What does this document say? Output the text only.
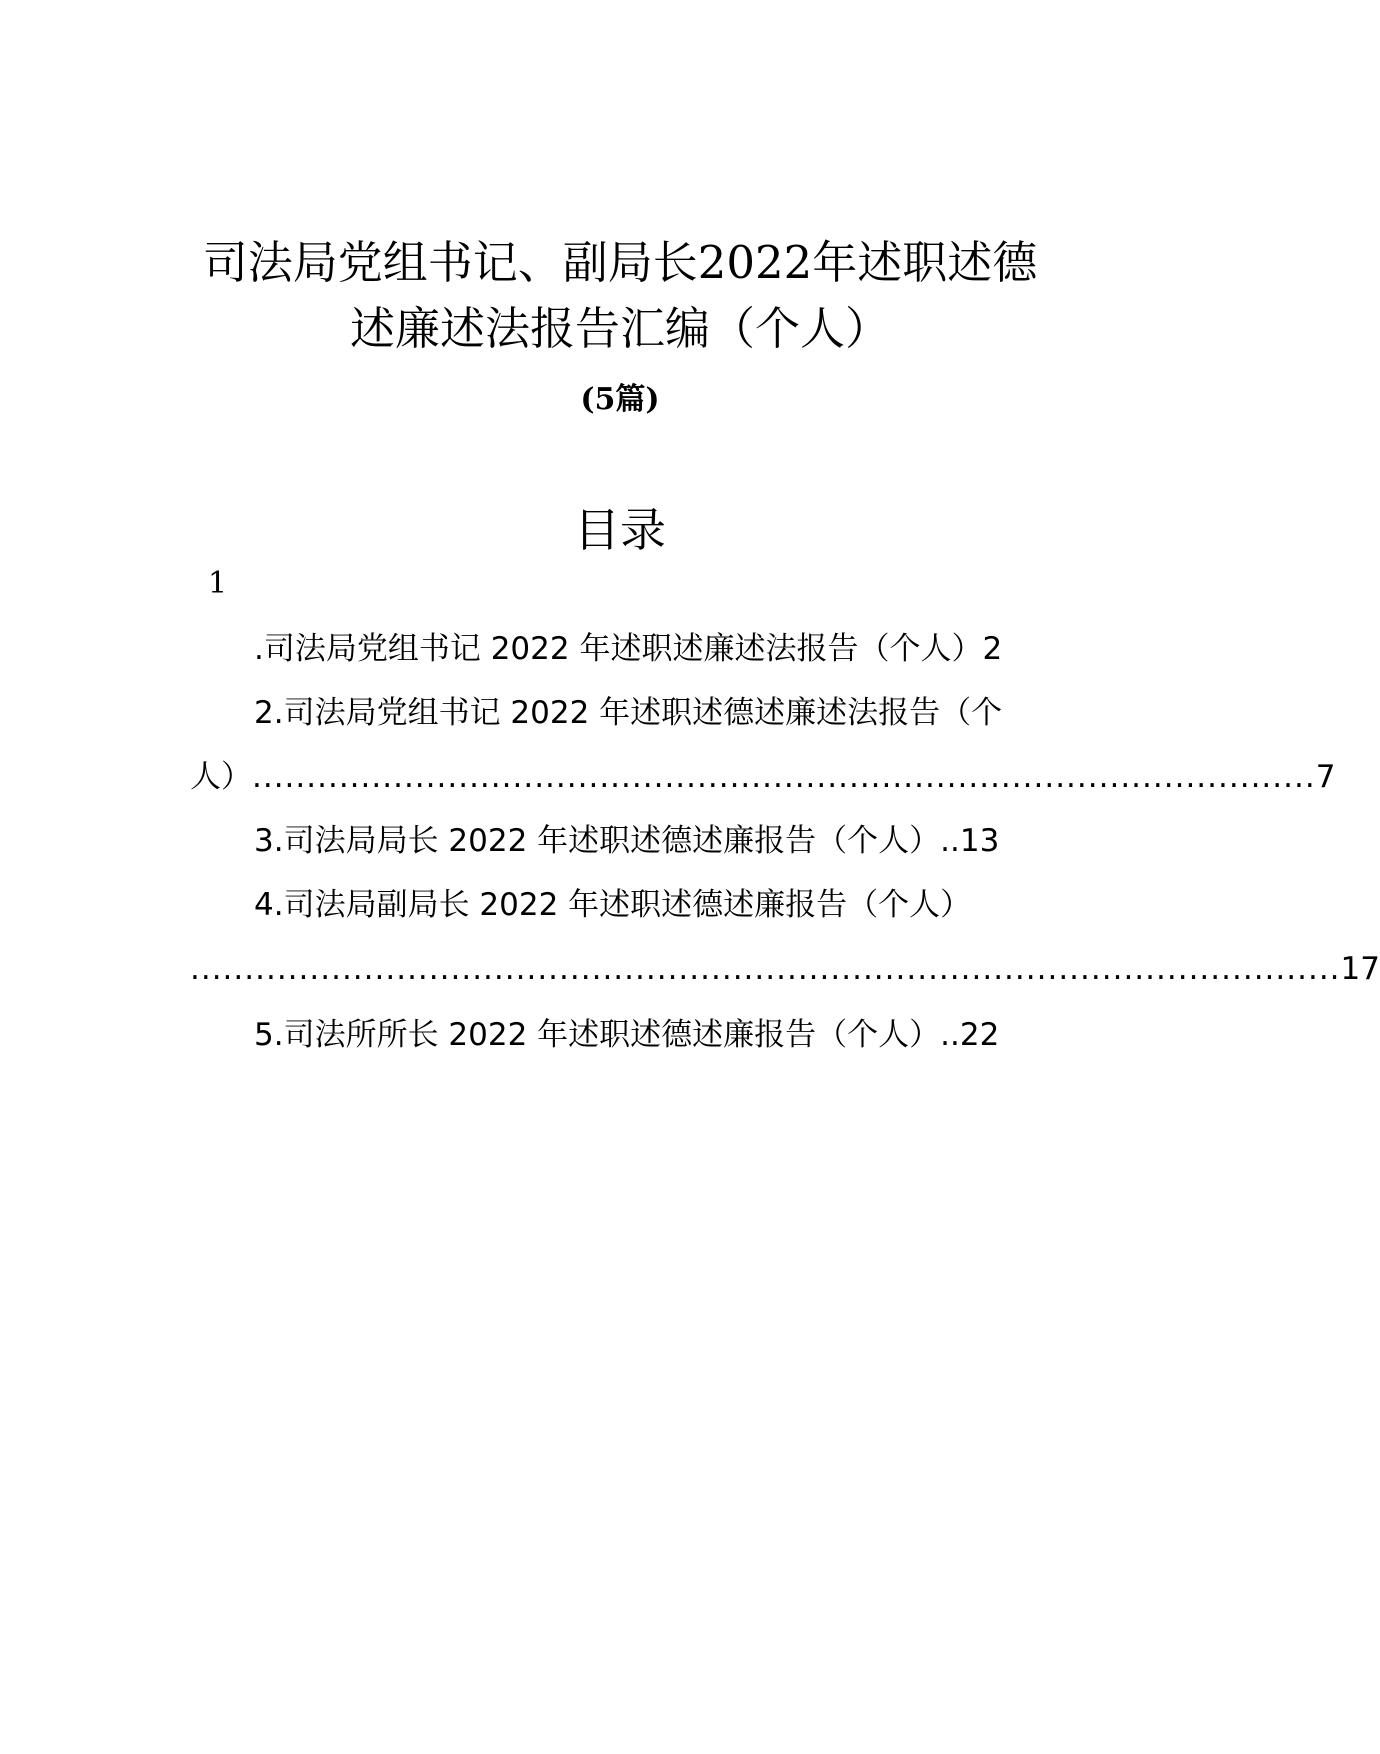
司法局党组书记、副局长2022年述职述德
述廉述法报告汇编（个人）
(5篇)
目录
1
.司法局党组书记 2022 年述职述廉述法报告（个人）2
2.司法局党组书记 2022 年述职述德述廉述法报告（个
人） .................................................................................................. 7
3.司法局局长 2022 年述职述德述廉报告（个人）..13
4.司法局副局长 2022 年述职述德述廉报告（个人）
.......................................................................................................... 17
5.司法所所长 2022 年述职述德述廉报告（个人）..22
